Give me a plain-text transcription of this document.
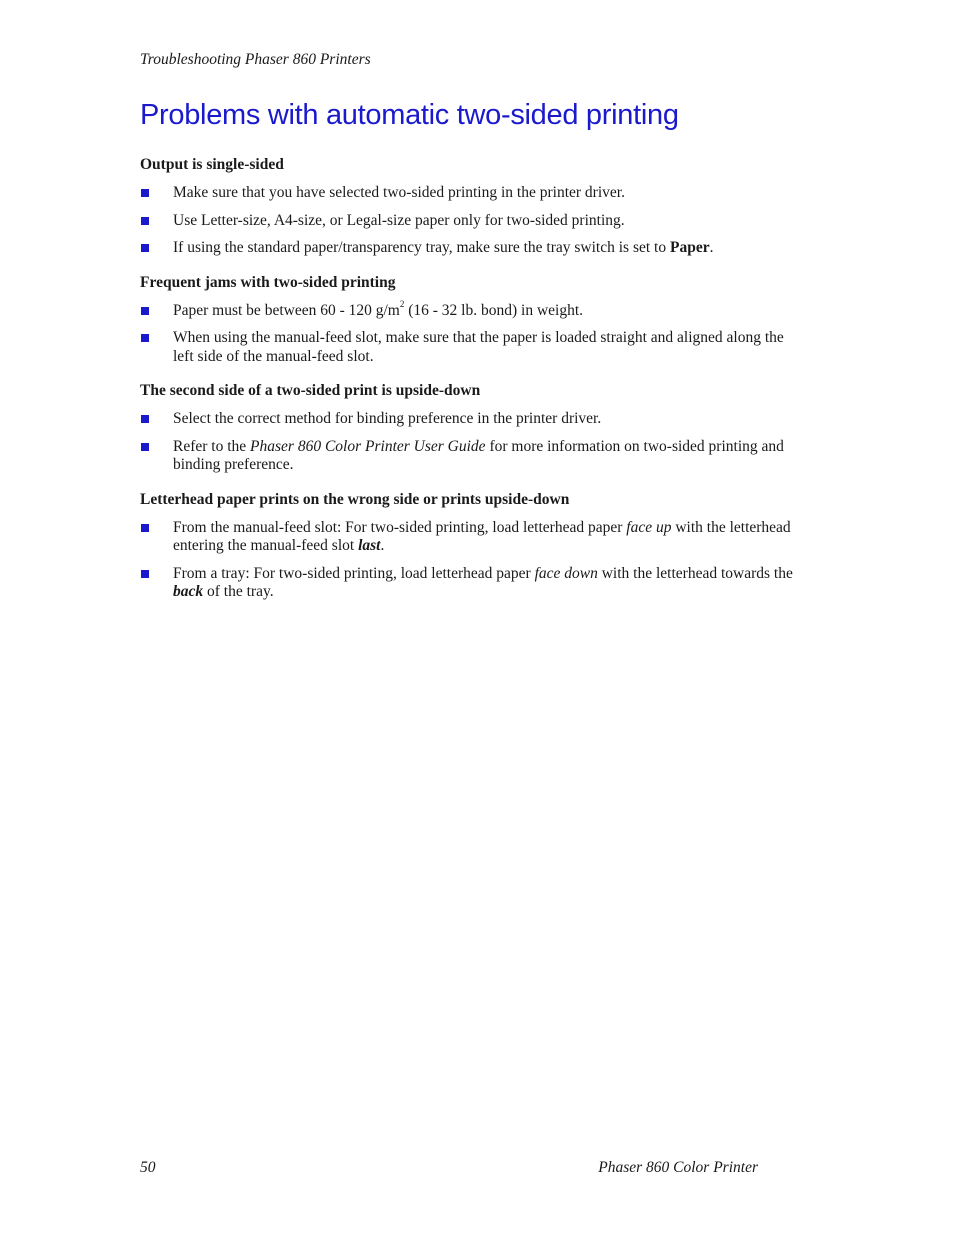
Troubleshooting Phaser 860 Printers
Problems with automatic two-sided printing
Output is single-sided
Make sure that you have selected two-sided printing in the printer driver.
Use Letter-size, A4-size, or Legal-size paper only for two-sided printing.
If using the standard paper/transparency tray, make sure the tray switch is set to Paper.
Frequent jams with two-sided printing
Paper must be between 60 - 120 $g/m^2$ (16 - 32 lb. bond) in weight.
When using the manual-feed slot, make sure that the paper is loaded straight and aligned along the left side of the manual-feed slot.
The second side of a two-sided print is upside-down
Select the correct method for binding preference in the printer driver.
Refer to the Phaser 860 Color Printer User Guide for more information on two-sided printing and binding preference.
Letterhead paper prints on the wrong side or prints upside-down
From the manual-feed slot: For two-sided printing, load letterhead paper face up with the letterhead entering the manual-feed slot last.
From a tray: For two-sided printing, load letterhead paper face down with the letterhead towards the back of the tray.
50	Phaser 860 Color Printer
